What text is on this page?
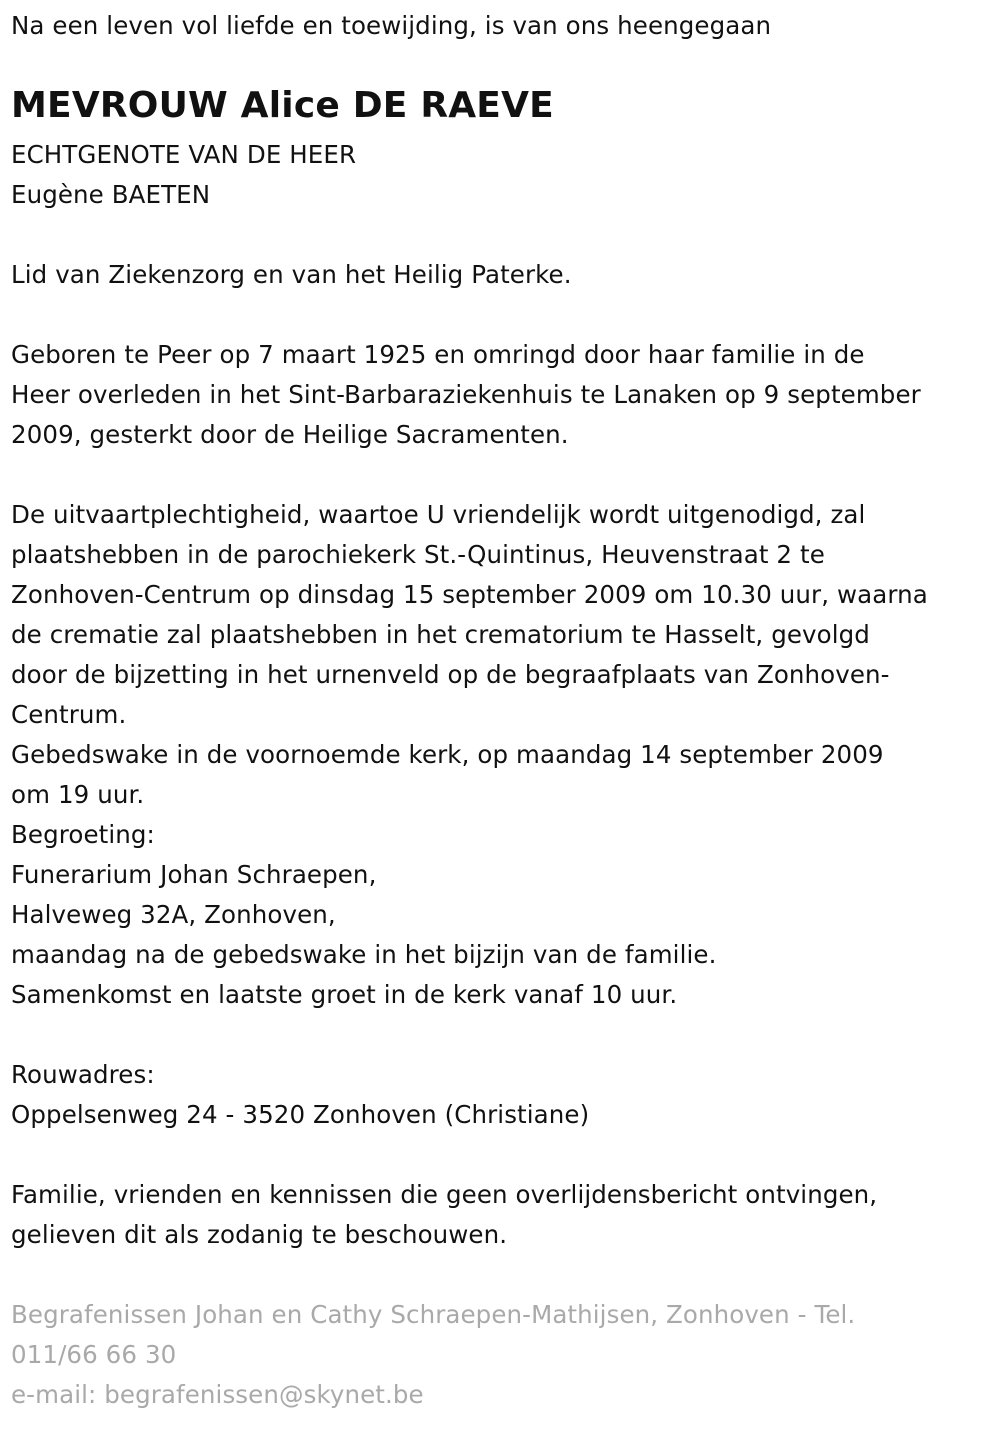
Na een leven vol liefde en toewijding, is van ons heengegaan
MEVROUW Alice DE RAEVE
ECHTGENOTE VAN DE HEER
Eugène BAETEN
Lid van Ziekenzorg en van het Heilig Paterke.
Geboren te Peer op 7 maart 1925 en omringd door haar familie in de
Heer overleden in het Sint-Barbaraziekenhuis te Lanaken op 9 september
2009, gesterkt door de Heilige Sacramenten.
De uitvaartplechtigheid, waartoe U vriendelijk wordt uitgenodigd, zal
plaatshebben in de parochiekerk St.-Quintinus, Heuvenstraat 2 te
Zonhoven-Centrum op dinsdag 15 september 2009 om 10.30 uur, waarna
de crematie zal plaatshebben in het crematorium te Hasselt, gevolgd
door de bijzetting in het urnenveld op de begraafplaats van Zonhoven-
Centrum.
Gebedswake in de voornoemde kerk, op maandag 14 september 2009
om 19 uur.
Begroeting:
Funerarium Johan Schraepen,
Halveweg 32A, Zonhoven,
maandag na de gebedswake in het bijzijn van de familie.
Samenkomst en laatste groet in de kerk vanaf 10 uur.
Rouwadres:
Oppelsenweg 24 - 3520 Zonhoven (Christiane)
Familie, vrienden en kennissen die geen overlijdensbericht ontvingen,
gelieven dit als zodanig te beschouwen.
Begrafenissen Johan en Cathy Schraepen-Mathijsen, Zonhoven - Tel.
011/66 66 30
e-mail: begrafenissen@skynet.be
